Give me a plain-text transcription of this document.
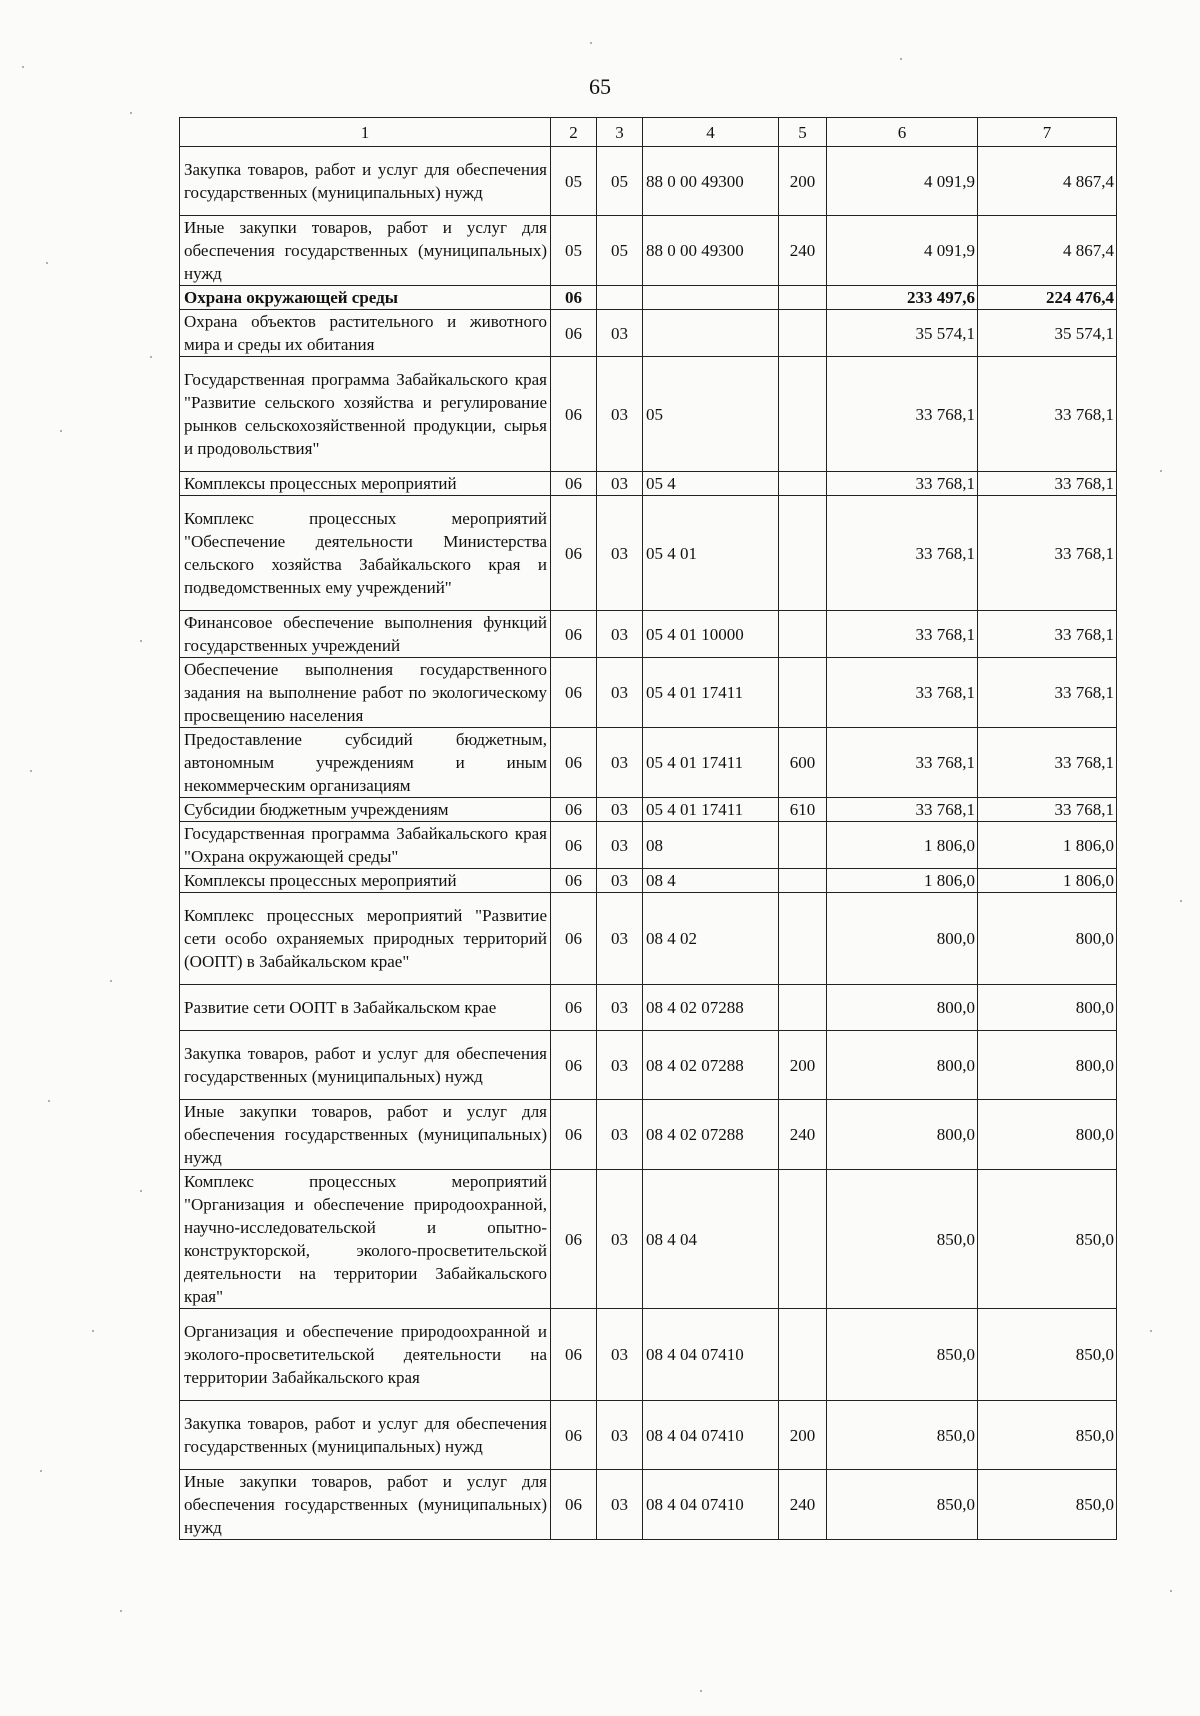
65
1	2	3	4	5	6	7
Закупка товаров, работ и услуг для обеспечения государственных (муниципальных) нужд	05	05	88 0 00 49300	200	4 091,9	4 867,4
Иные закупки товаров, работ и услуг для обеспечения государственных (муниципальных) нужд	05	05	88 0 00 49300	240	4 091,9	4 867,4
Охрана окружающей среды	06				233 497,6	224 476,4
Охрана объектов растительного и животного мира и среды их обитания	06	03			35 574,1	35 574,1
Государственная программа Забайкальского края "Развитие сельского хозяйства и регулирование рынков сельскохозяйственной продукции, сырья и продовольствия"	06	03	05		33 768,1	33 768,1
Комплексы процессных мероприятий	06	03	05 4		33 768,1	33 768,1
Комплекс процессных мероприятий "Обеспечение деятельности Министерства сельского хозяйства Забайкальского края и подведомственных ему учреждений"	06	03	05 4 01		33 768,1	33 768,1
Финансовое обеспечение выполнения функций государственных учреждений	06	03	05 4 01 10000		33 768,1	33 768,1
Обеспечение выполнения государственного задания на выполнение работ по экологическому просвещению населения	06	03	05 4 01 17411		33 768,1	33 768,1
Предоставление субсидий бюджетным, автономным учреждениям и иным некоммерческим организациям	06	03	05 4 01 17411	600	33 768,1	33 768,1
Субсидии бюджетным учреждениям	06	03	05 4 01 17411	610	33 768,1	33 768,1
Государственная программа Забайкальского края "Охрана окружающей среды"	06	03	08		1 806,0	1 806,0
Комплексы процессных мероприятий	06	03	08 4		1 806,0	1 806,0
Комплекс процессных мероприятий "Развитие сети особо охраняемых природных территорий (ООПТ) в Забайкальском крае"	06	03	08 4 02		800,0	800,0
Развитие сети ООПТ в Забайкальском крае	06	03	08 4 02 07288		800,0	800,0
Закупка товаров, работ и услуг для обеспечения государственных (муниципальных) нужд	06	03	08 4 02 07288	200	800,0	800,0
Иные закупки товаров, работ и услуг для обеспечения государственных (муниципальных) нужд	06	03	08 4 02 07288	240	800,0	800,0
Комплекс процессных мероприятий "Организация и обеспечение природоохранной, научно-исследовательской и опытно-конструкторской, эколого-просветительской деятельности на территории Забайкальского края"	06	03	08 4 04		850,0	850,0
Организация и обеспечение природоохранной и эколого-просветительской деятельности на территории Забайкальского края	06	03	08 4 04 07410		850,0	850,0
Закупка товаров, работ и услуг для обеспечения государственных (муниципальных) нужд	06	03	08 4 04 07410	200	850,0	850,0
Иные закупки товаров, работ и услуг для обеспечения государственных (муниципальных) нужд	06	03	08 4 04 07410	240	850,0	850,0
